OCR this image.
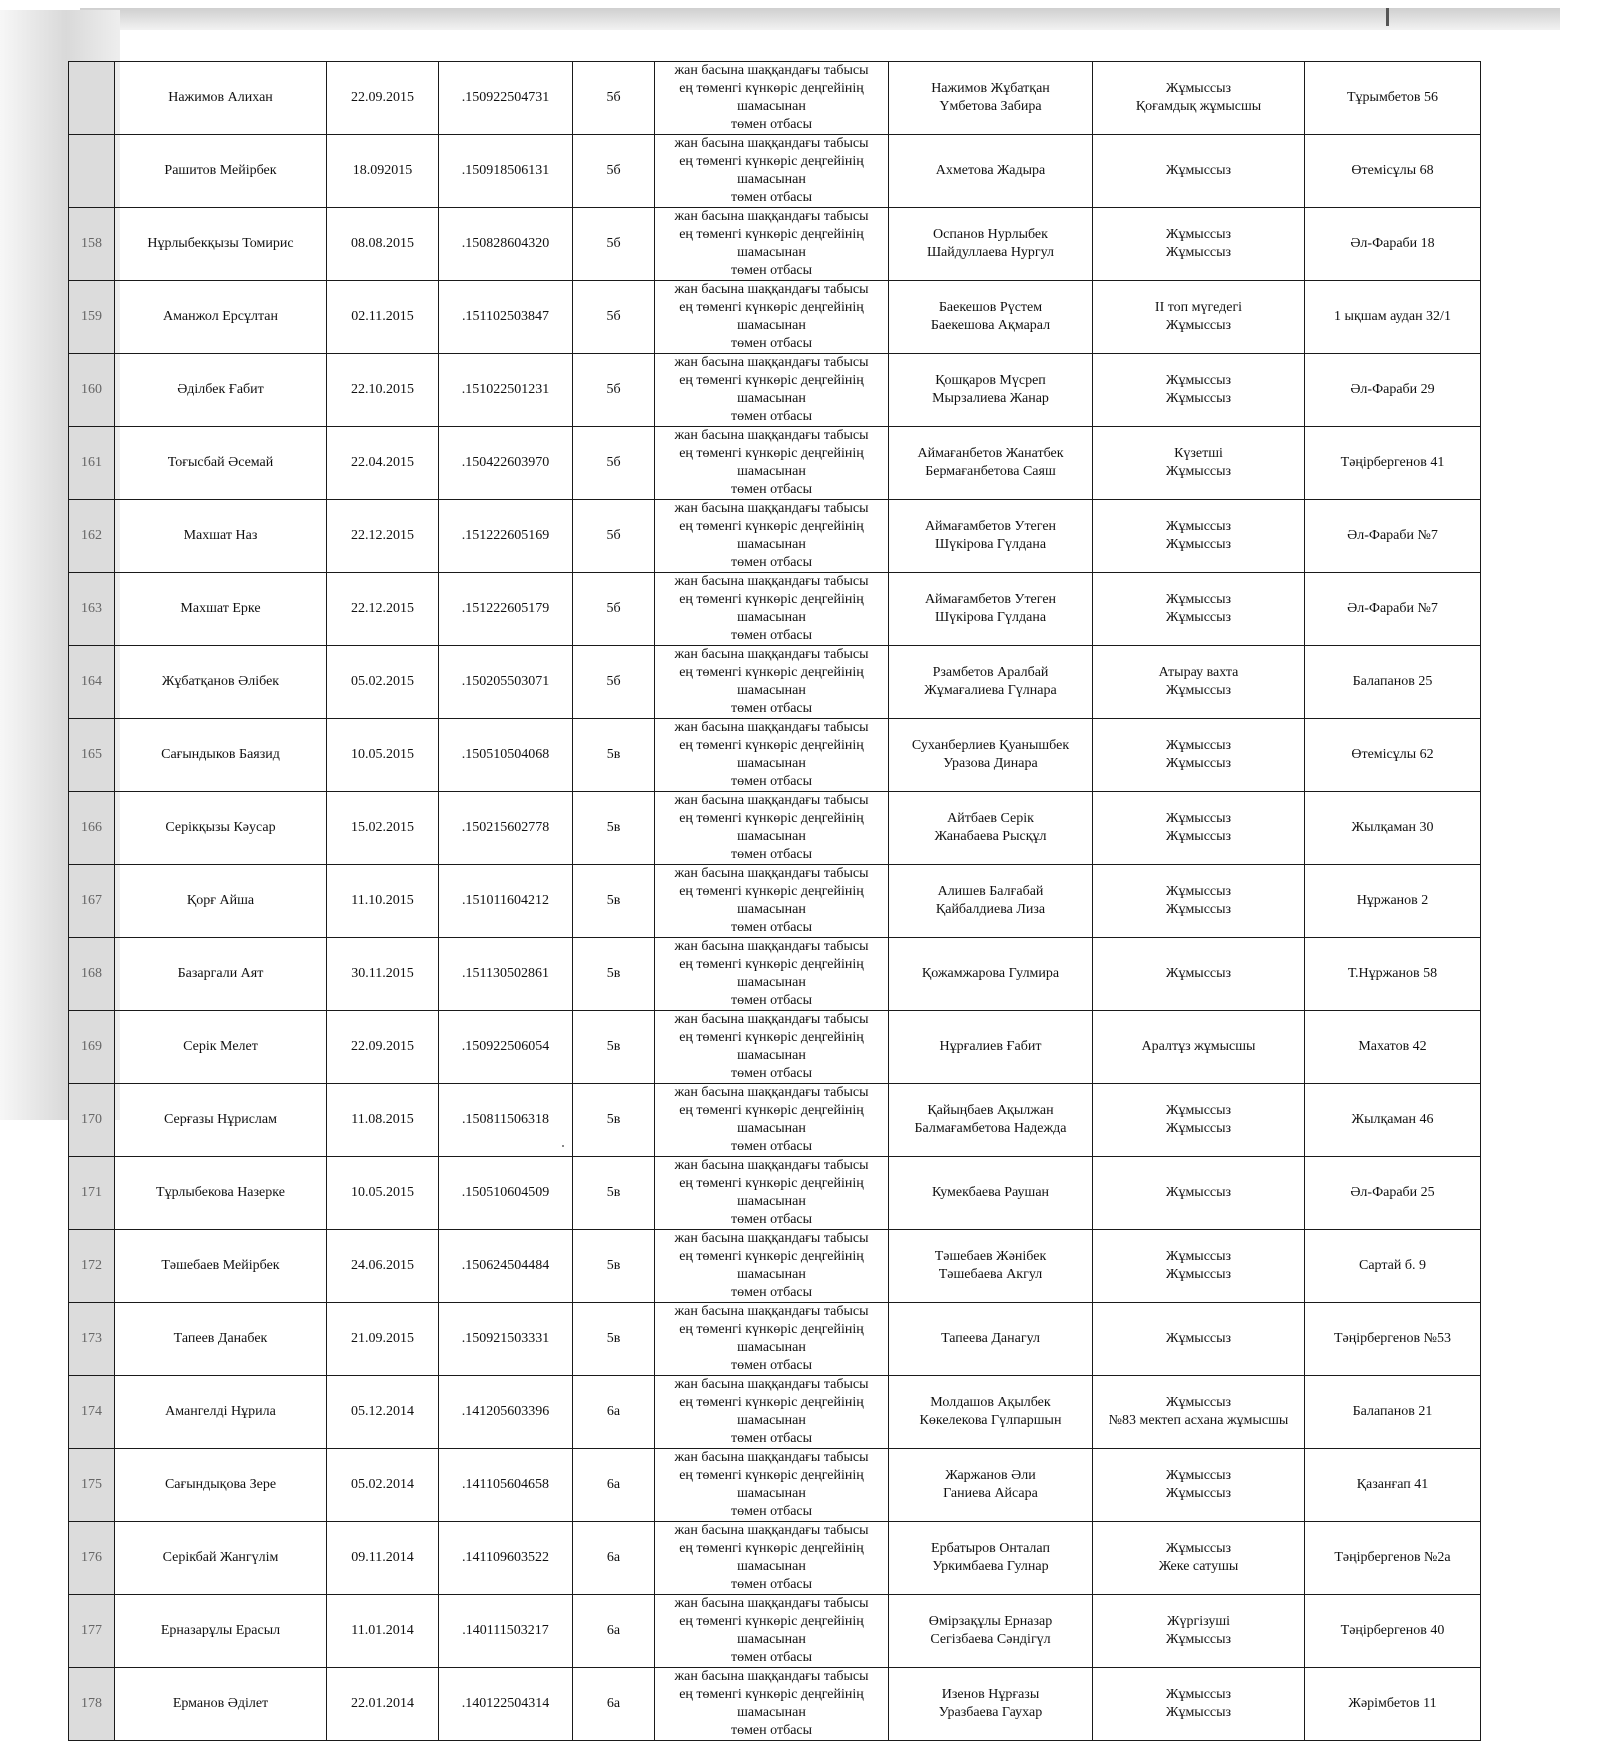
	Нажимов Алихан	22.09.2015	.150922504731	5б	жан басына шаққандағы табысы
ең төменгі күнкөріс деңгейінің шамасынан
төмен отбасы	Нажимов Жұбатқан
Үмбетова Забира	Жұмыссыз
Қоғамдық жұмысшы	Тұрымбетов 56
	Рашитов Мейірбек	18.092015	.150918506131	5б	жан басына шаққандағы табысы
ең төменгі күнкөріс деңгейінің шамасынан
төмен отбасы	Ахметова Жадыра	Жұмыссыз	Өтемісұлы 68
158	Нұрлыбекқызы Томирис	08.08.2015	.150828604320	5б	жан басына шаққандағы табысы
ең төменгі күнкөріс деңгейінің шамасынан
төмен отбасы	Оспанов Нурлыбек
Шайдуллаева Нургул	Жұмыссыз
Жұмыссыз	Әл-Фараби 18
159	Аманжол Ерсұлтан	02.11.2015	.151102503847	5б	жан басына шаққандағы табысы
ең төменгі күнкөріс деңгейінің шамасынан
төмен отбасы	Баекешов Рүстем
Баекешова Ақмарал	ІІ топ мүгедегі
Жұмыссыз	1 ықшам аудан 32/1
160	Әділбек Ғабит	22.10.2015	.151022501231	5б	жан басына шаққандағы табысы
ең төменгі күнкөріс деңгейінің шамасынан
төмен отбасы	Қошқаров Мүсреп
Мырзалиева Жанар	Жұмыссыз
Жұмыссыз	Әл-Фараби 29
161	Тоғысбай Әсемай	22.04.2015	.150422603970	5б	жан басына шаққандағы табысы
ең төменгі күнкөріс деңгейінің шамасынан
төмен отбасы	Аймағанбетов Жанатбек
Бермағанбетова Саяш	Күзетші
Жұмыссыз	Тәңірбергенов 41
162	Махшат Наз	22.12.2015	.151222605169	5б	жан басына шаққандағы табысы
ең төменгі күнкөріс деңгейінің шамасынан
төмен отбасы	Аймағамбетов Утеген
Шүкірова Гүлдана	Жұмыссыз
Жұмыссыз	Әл-Фараби №7
163	Махшат Ерке	22.12.2015	.151222605179	5б	жан басына шаққандағы табысы
ең төменгі күнкөріс деңгейінің шамасынан
төмен отбасы	Аймағамбетов Утеген
Шүкірова Гүлдана	Жұмыссыз
Жұмыссыз	Әл-Фараби №7
164	Жұбатқанов Әлібек	05.02.2015	.150205503071	5б	жан басына шаққандағы табысы
ең төменгі күнкөріс деңгейінің шамасынан
төмен отбасы	Рзамбетов Аралбай
Жұмағалиева Гүлнара	Атырау вахта
Жұмыссыз	Балапанов 25
165	Сағындыков Баязид	10.05.2015	.150510504068	5в	жан басына шаққандағы табысы
ең төменгі күнкөріс деңгейінің шамасынан
төмен отбасы	Суханберлиев Қуанышбек
Уразова Динара	Жұмыссыз
Жұмыссыз	Өтемісұлы 62
166	Серікқызы Кәусар	15.02.2015	.150215602778	5в	жан басына шаққандағы табысы
ең төменгі күнкөріс деңгейінің шамасынан
төмен отбасы	Айтбаев Серік
Жанабаева Рысқұл	Жұмыссыз
Жұмыссыз	Жылқаман 30
167	Қорғ Айша	11.10.2015	.151011604212	5в	жан басына шаққандағы табысы
ең төменгі күнкөріс деңгейінің шамасынан
төмен отбасы	Алишев Балғабай
Қайбалдиева Лиза	Жұмыссыз
Жұмыссыз	Нұржанов 2
168	Базаргали Аят	30.11.2015	.151130502861	5в	жан басына шаққандағы табысы
ең төменгі күнкөріс деңгейінің шамасынан
төмен отбасы	Қожамжарова Гулмира	Жұмыссыз	Т.Нұржанов 58
169	Серік Мелет	22.09.2015	.150922506054	5в	жан басына шаққандағы табысы
ең төменгі күнкөріс деңгейінің шамасынан
төмен отбасы	Нұрғалиев Ғабит	Аралтұз жұмысшы	Махатов 42
170	Серғазы Нұрислам	11.08.2015	.150811506318	5в	жан басына шаққандағы табысы
ең төменгі күнкөріс деңгейінің шамасынан
төмен отбасы	Қайыңбаев Ақылжан
Балмағамбетова Надежда	Жұмыссыз
Жұмыссыз	Жылқаман 46
171	Тұрлыбекова Назерке	10.05.2015	.150510604509	5в	жан басына шаққандағы табысы
ең төменгі күнкөріс деңгейінің шамасынан
төмен отбасы	Кумекбаева Раушан	Жұмыссыз	Әл-Фараби 25
172	Тәшебаев Мейірбек	24.06.2015	.150624504484	5в	жан басына шаққандағы табысы
ең төменгі күнкөріс деңгейінің шамасынан
төмен отбасы	Тәшебаев Жәнібек
Тәшебаева Акгул	Жұмыссыз
Жұмыссыз	Сартай б. 9
173	Тапеев Данабек	21.09.2015	.150921503331	5в	жан басына шаққандағы табысы
ең төменгі күнкөріс деңгейінің шамасынан
төмен отбасы	Тапеева Данагул	Жұмыссыз	Тәңірбергенов №53
174	Амангелді Нұрила	05.12.2014	.141205603396	6а	жан басына шаққандағы табысы
ең төменгі күнкөріс деңгейінің шамасынан
төмен отбасы	Молдашов Ақылбек
Көкелекова Гүлпаршын	Жұмыссыз
№83 мектеп асхана жұмысшы	Балапанов 21
175	Сағындықова Зере	05.02.2014	.141105604658	6а	жан басына шаққандағы табысы
ең төменгі күнкөріс деңгейінің шамасынан
төмен отбасы	Жаржанов Әли
Ганиева Айсара	Жұмыссыз
Жұмыссыз	Қазанғап 41
176	Серікбай Жангүлім	09.11.2014	.141109603522	6а	жан басына шаққандағы табысы
ең төменгі күнкөріс деңгейінің шамасынан
төмен отбасы	Ербатыров Онталап
Уркимбаева Гулнар	Жұмыссыз
Жеке сатушы	Тәңірбергенов №2а
177	Ерназарұлы Ерасыл	11.01.2014	.140111503217	6а	жан басына шаққандағы табысы
ең төменгі күнкөріс деңгейінің шамасынан
төмен отбасы	Өмірзақұлы Ерназар
Сегізбаева Сәндігүл	Жүргізуші
Жұмыссыз	Тәңірбергенов 40
178	Ерманов Әділет	22.01.2014	.140122504314	6а	жан басына шаққандағы табысы
ең төменгі күнкөріс деңгейінің шамасынан
төмен отбасы	Изенов Нұрғазы
Уразбаева Гаухар	Жұмыссыз
Жұмыссыз	Жәрімбетов 11
